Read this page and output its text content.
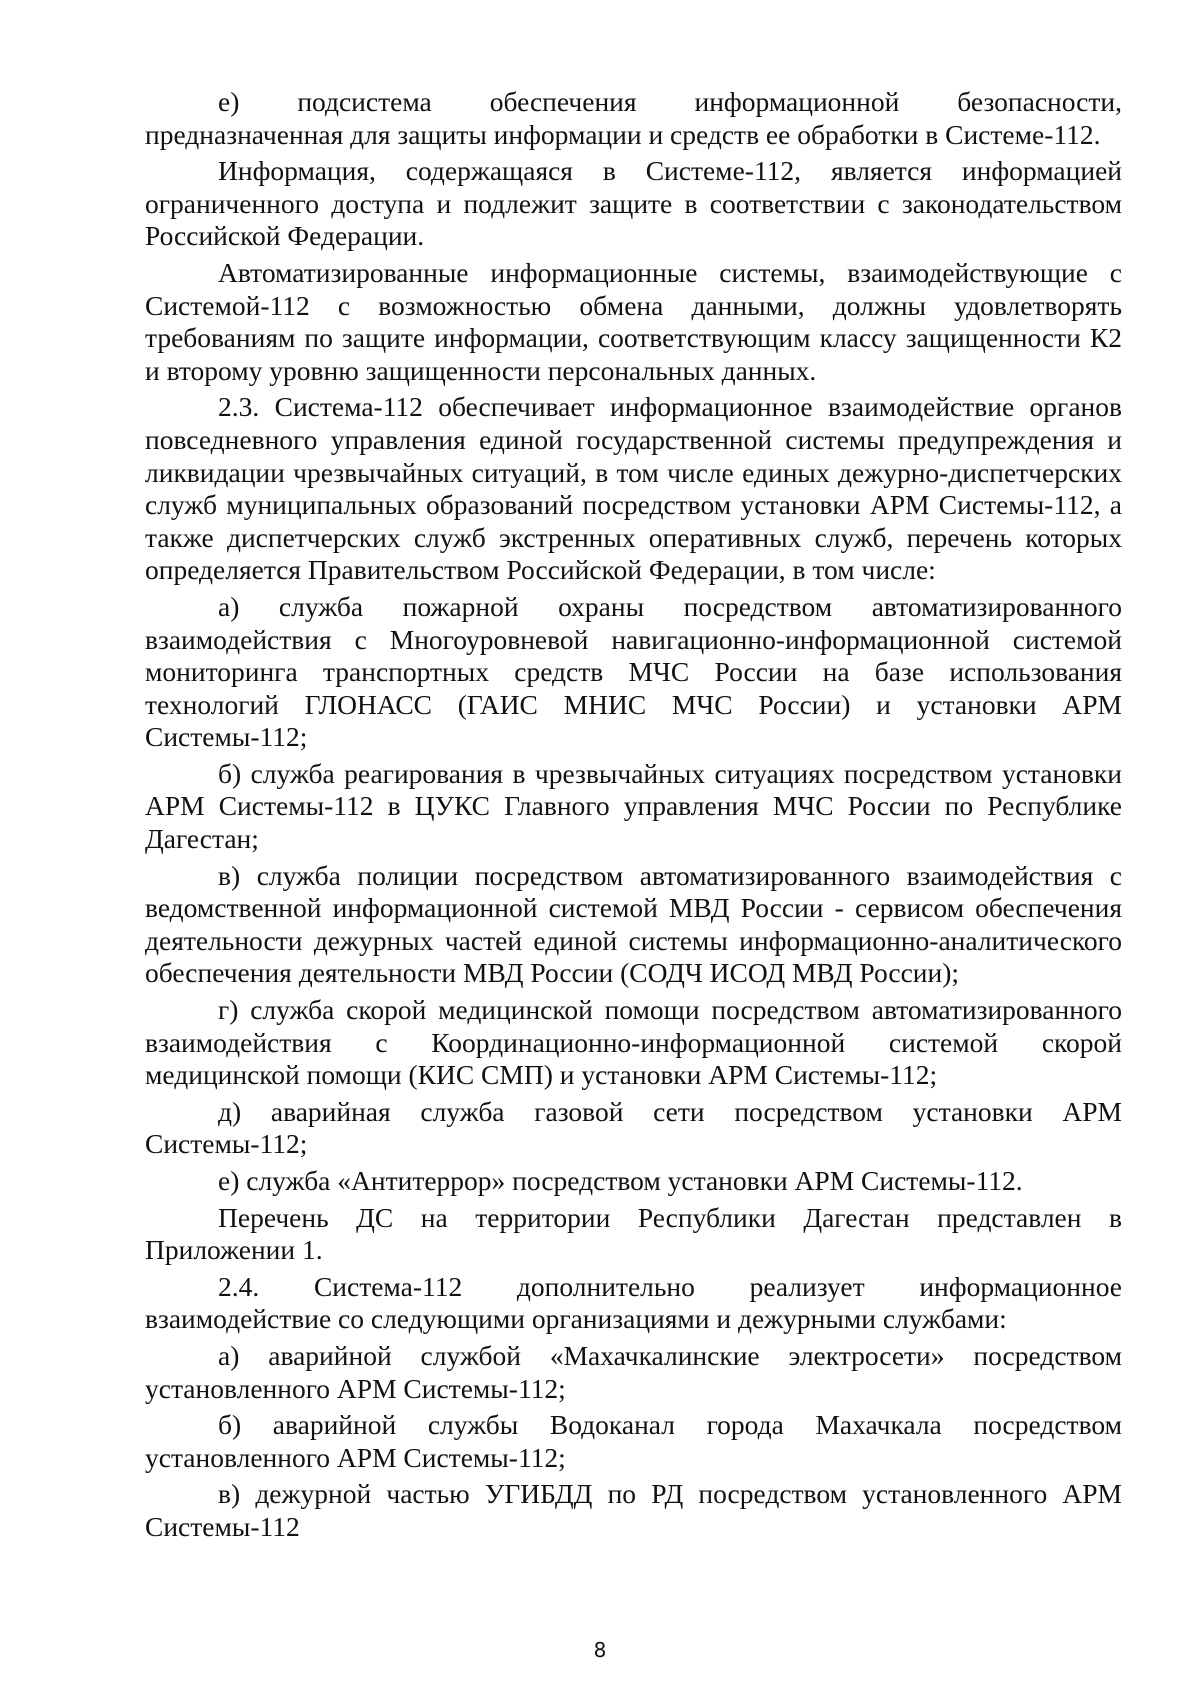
е) подсистема обеспечения информационной безопасности, предназначенная для защиты информации и средств ее обработки в Системе-112.

Информация, содержащаяся в Системе-112, является информацией ограниченного доступа и подлежит защите в соответствии с законодательством Российской Федерации.

Автоматизированные информационные системы, взаимодействующие с Системой-112 с возможностью обмена данными, должны удовлетворять требованиям по защите информации, соответствующим классу защищенности К2 и второму уровню защищенности персональных данных.

2.3. Система-112 обеспечивает информационное взаимодействие органов повседневного управления единой государственной системы предупреждения и ликвидации чрезвычайных ситуаций, в том числе единых дежурно-диспетчерских служб муниципальных образований посредством установки АРМ Системы-112, а также диспетчерских служб экстренных оперативных служб, перечень которых определяется Правительством Российской Федерации, в том числе:

а) служба пожарной охраны посредством автоматизированного взаимодействия с Многоуровневой навигационно-информационной системой мониторинга транспортных средств МЧС России на базе использования технологий ГЛОНАСС (ГАИС МНИС МЧС России) и установки АРМ Системы-112;

б) служба реагирования в чрезвычайных ситуациях посредством установки АРМ Системы-112 в ЦУКС Главного управления МЧС России по Республике Дагестан;

в) служба полиции посредством автоматизированного взаимодействия с ведомственной информационной системой МВД России - сервисом обеспечения деятельности дежурных частей единой системы информационно-аналитического обеспечения деятельности МВД России (СОДЧ ИСОД МВД России);

г) служба скорой медицинской помощи посредством автоматизированного взаимодействия с Координационно-информационной системой скорой медицинской помощи (КИС СМП) и установки АРМ Системы-112;

д) аварийная служба газовой сети посредством установки АРМ Системы-112;

е) служба «Антитеррор» посредством установки АРМ Системы-112.

Перечень ДС на территории Республики Дагестан представлен в Приложении 1.

2.4. Система-112 дополнительно реализует информационное взаимодействие со следующими организациями и дежурными службами:

а) аварийной службой «Махачкалинские электросети» посредством установленного АРМ Системы-112;

б) аварийной службы Водоканал города Махачкала посредством установленного АРМ Системы-112;

в) дежурной частью УГИБДД по РД посредством установленного АРМ Системы-112

8
